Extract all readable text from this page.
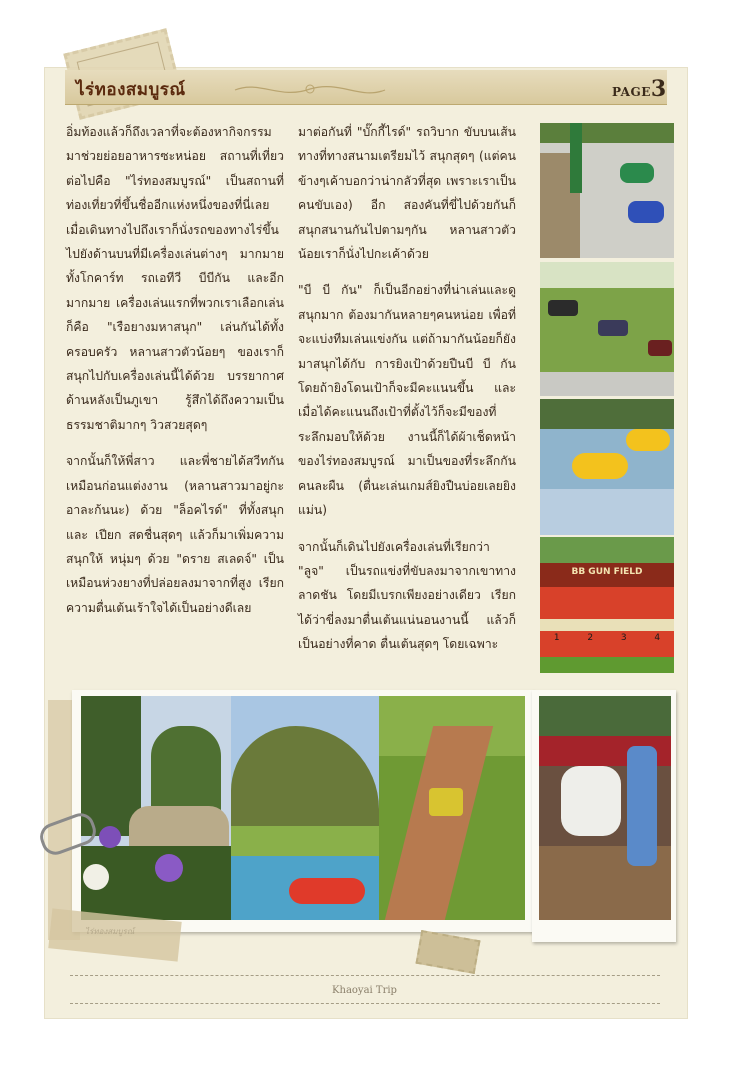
ไร่ทองสมบูรณ์	PAGE3

อิ่มท้องแล้วก็ถึงเวลาที่จะต้องหากิจกรรมมาช่วยย่อยอาหารซะหน่อย สถานที่เที่ยวต่อไปคือ "ไร่ทองสมบูรณ์" เป็นสถานที่ท่องเที่ยวที่ขึ้นชื่ออีกแห่งหนึ่งของที่นี่เลย เมื่อเดินทางไปถึงเราก็นั่งรถของทางไร่ขึ้นไปยังด้านบนที่มีเครื่องเล่นต่างๆ มากมาย ทั้งโกคาร์ท รถเอทีวี บีบีกัน และอีกมากมาย เครื่องเล่นแรกที่พวกเราเลือกเล่นก็คือ "เรือยางมหาสนุก" เล่นกันได้ทั้งครอบครัว หลานสาวตัวน้อยๆ ของเราก็สนุกไปกับเครื่องเล่นนี้ได้ด้วย บรรยากาศด้านหลังเป็นภูเขา รู้สึกได้ถึงความเป็นธรรมชาติมากๆ วิวสวยสุดๆ

จากนั้นก็ให้พี่สาว และพี่ชายได้สวีทกันเหมือนก่อนแต่งงาน (หลานสาวมาอยู่กะอาละก้นนะ) ด้วย "ล็อคไรด์" ที่ทั้งสนุกและ เปียก สดชื่นสุดๆ แล้วก็มาเพิ่มความสนุกให้ หนุ่มๆ ด้วย "ดราย สเลดจ์" เป็นเหมือนห่วงยางที่ปล่อยลงมาจากที่สูง เรียกความตื่นเต้นเร้าใจได้เป็นอย่างดีเลย

มาต่อกันที่ "บั๊กกี้ไรด์" รถวิบาก ขับบนเส้นทางที่ทางสนามเตรียมไว้ สนุกสุดๆ (แต่คนข้างๆเค้าบอกว่าน่ากลัวที่สุด เพราะเราเป็นคนขับเอง) อีก สองคันที่ขี่ไปด้วยกันก็สนุกสนานกันไปตามๆกัน หลานสาวตัวน้อยเราก็นั่งไปกะเค้าด้วย

"บี บี กัน" ก็เป็นอีกอย่างที่น่าเล่นและดูสนุกมาก ต้องมากันหลายๆคนหน่อย เพื่อที่จะแบ่งทีมเล่นแข่งกัน แต่ถ้ามากันน้อยก็ยังมาสนุกได้กับ การยิงเป้าด้วยปืนบี บี กัน โดยถ้ายิงโดนเป้าก็จะมีคะแนนขึ้น และเมื่อได้คะแนนถึงเป้าที่ตั้งไว้ก็จะมีของที่ระลึกมอบให้ด้วย งานนี้ก็ได้ผ้าเช็ดหน้าของไร่ทองสมบูรณ์ มาเป็นของที่ระลึกกันคนละผืน (ตื่นะเล่นเกมส์ยิงปืนบ่อยเลยยิงแม่น)

จากนั้นก็เดินไปยังเครื่องเล่นที่เรียกว่า "ลูจ" เป็นรถแข่งที่ขับลงมาจากเขาทางลาดชัน โดยมีเบรกเพียงอย่างเดียว เรียกได้ว่าขี่ลงมาตื่นเต้นแน่นอนงานนี้ แล้วก็เป็นอย่างที่คาด ตื่นเต้นสุดๆ โดยเฉพาะ

BB GUN FIELD
1	2	3	4
Khaoyai Trip
